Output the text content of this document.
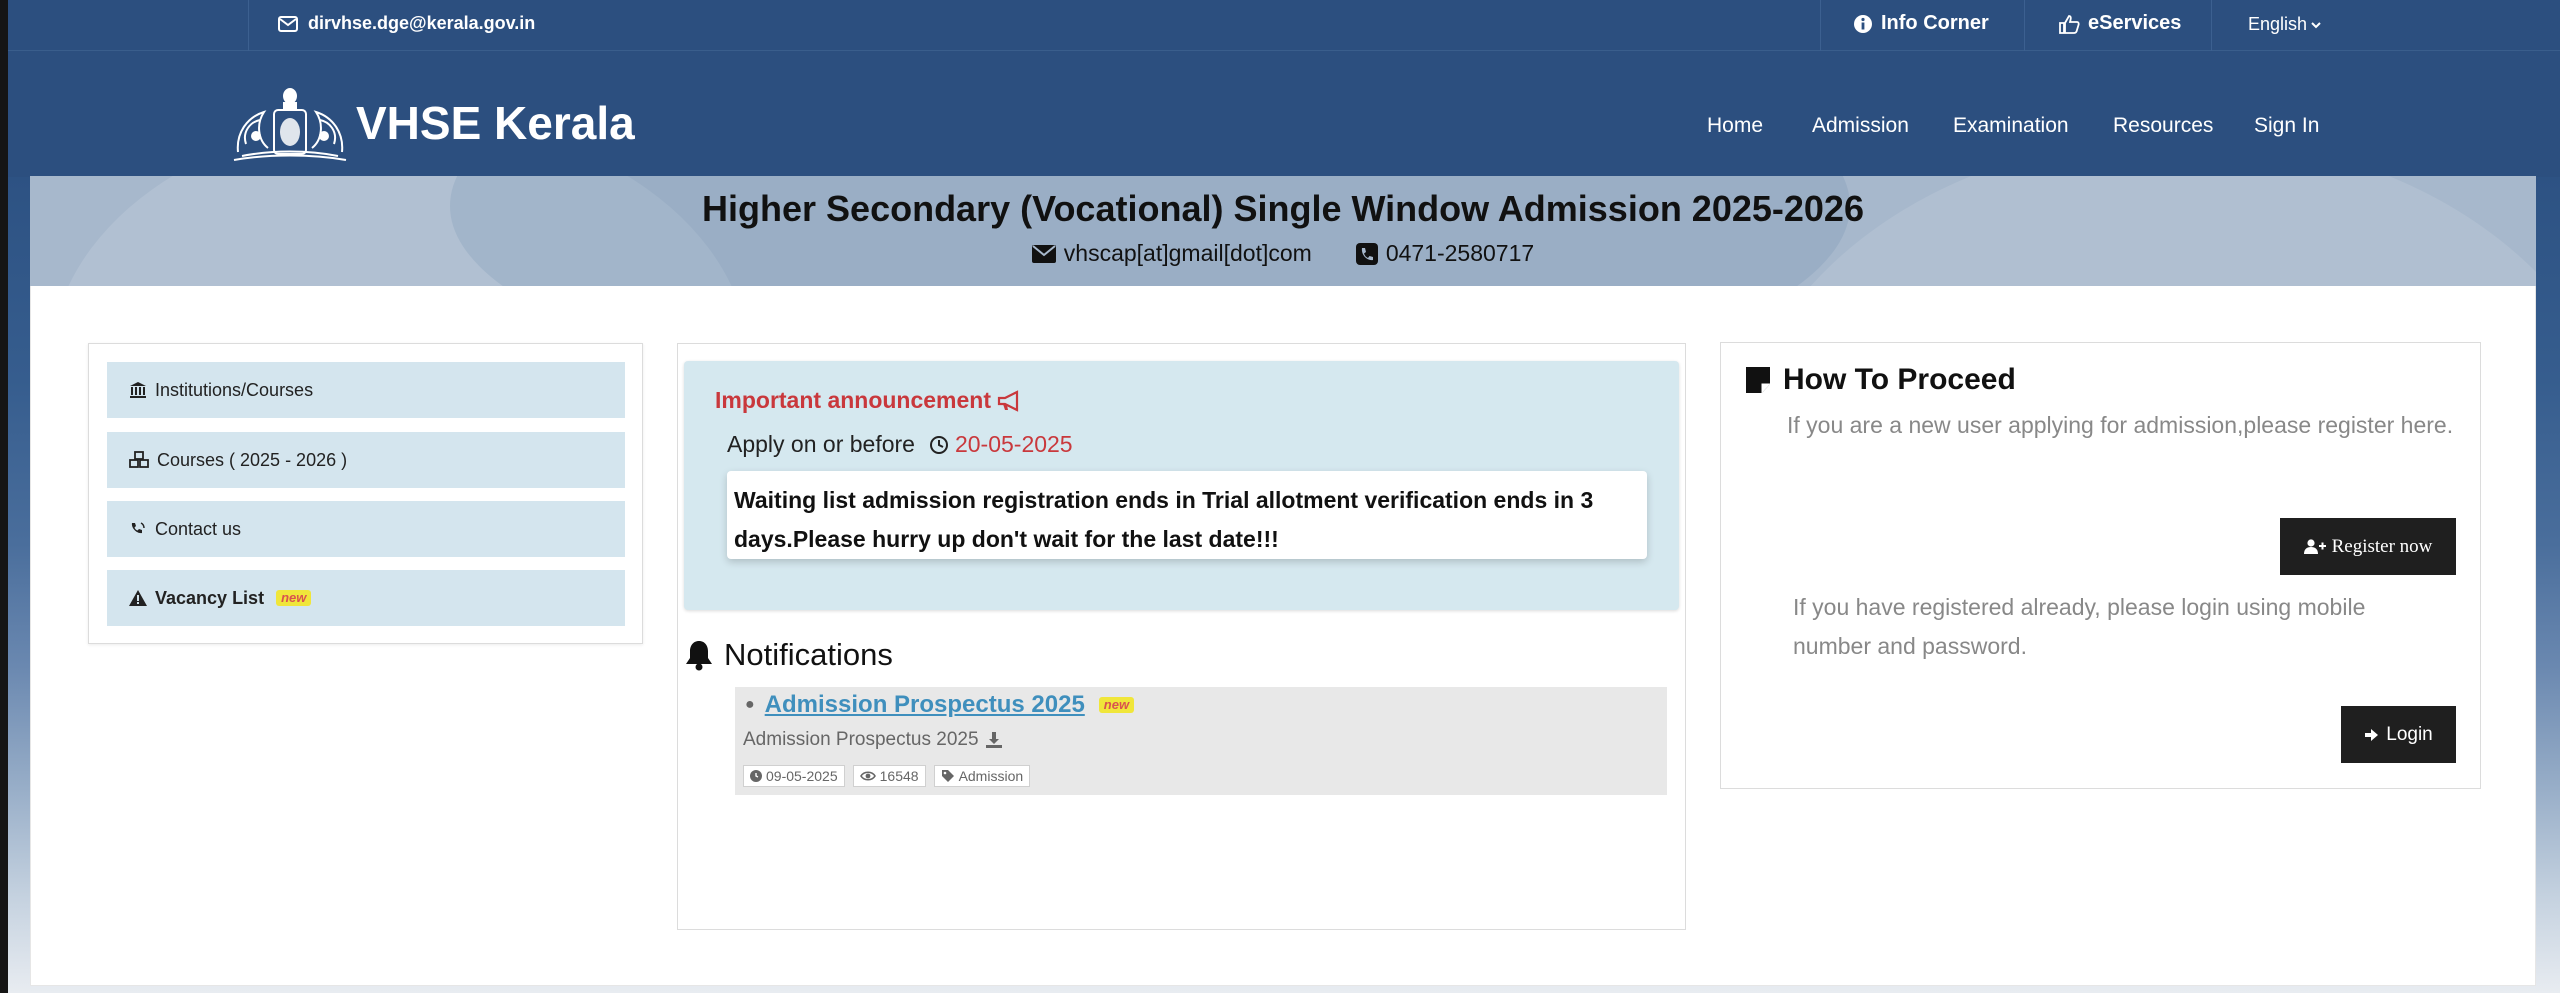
dirvhse.dge@kerala.gov.in	Info Corner	eServices	English
VHSE Kerala	Home Admission Examination Resources Sign In
Higher Secondary (Vocational) Single Window Admission 2025-2026
vhscap[at]gmail[dot]com	0471-2580717
Institutions/Courses
Courses ( 2025 - 2026 )
Contact us
Vacancy List	new
Important announcement
Apply on or before 20-05-2025
Waiting list admission registration ends in Trial allotment verification ends in 3 days.Please hurry up don't wait for the last date!!!
Notifications
● Admission Prospectus 2025	new
Admission Prospectus 2025
09-05-2025	16548	Admission
How To Proceed
If you are a new user applying for admission,please register here.
Register now
If you have registered already, please login using mobile number and password.
Login
